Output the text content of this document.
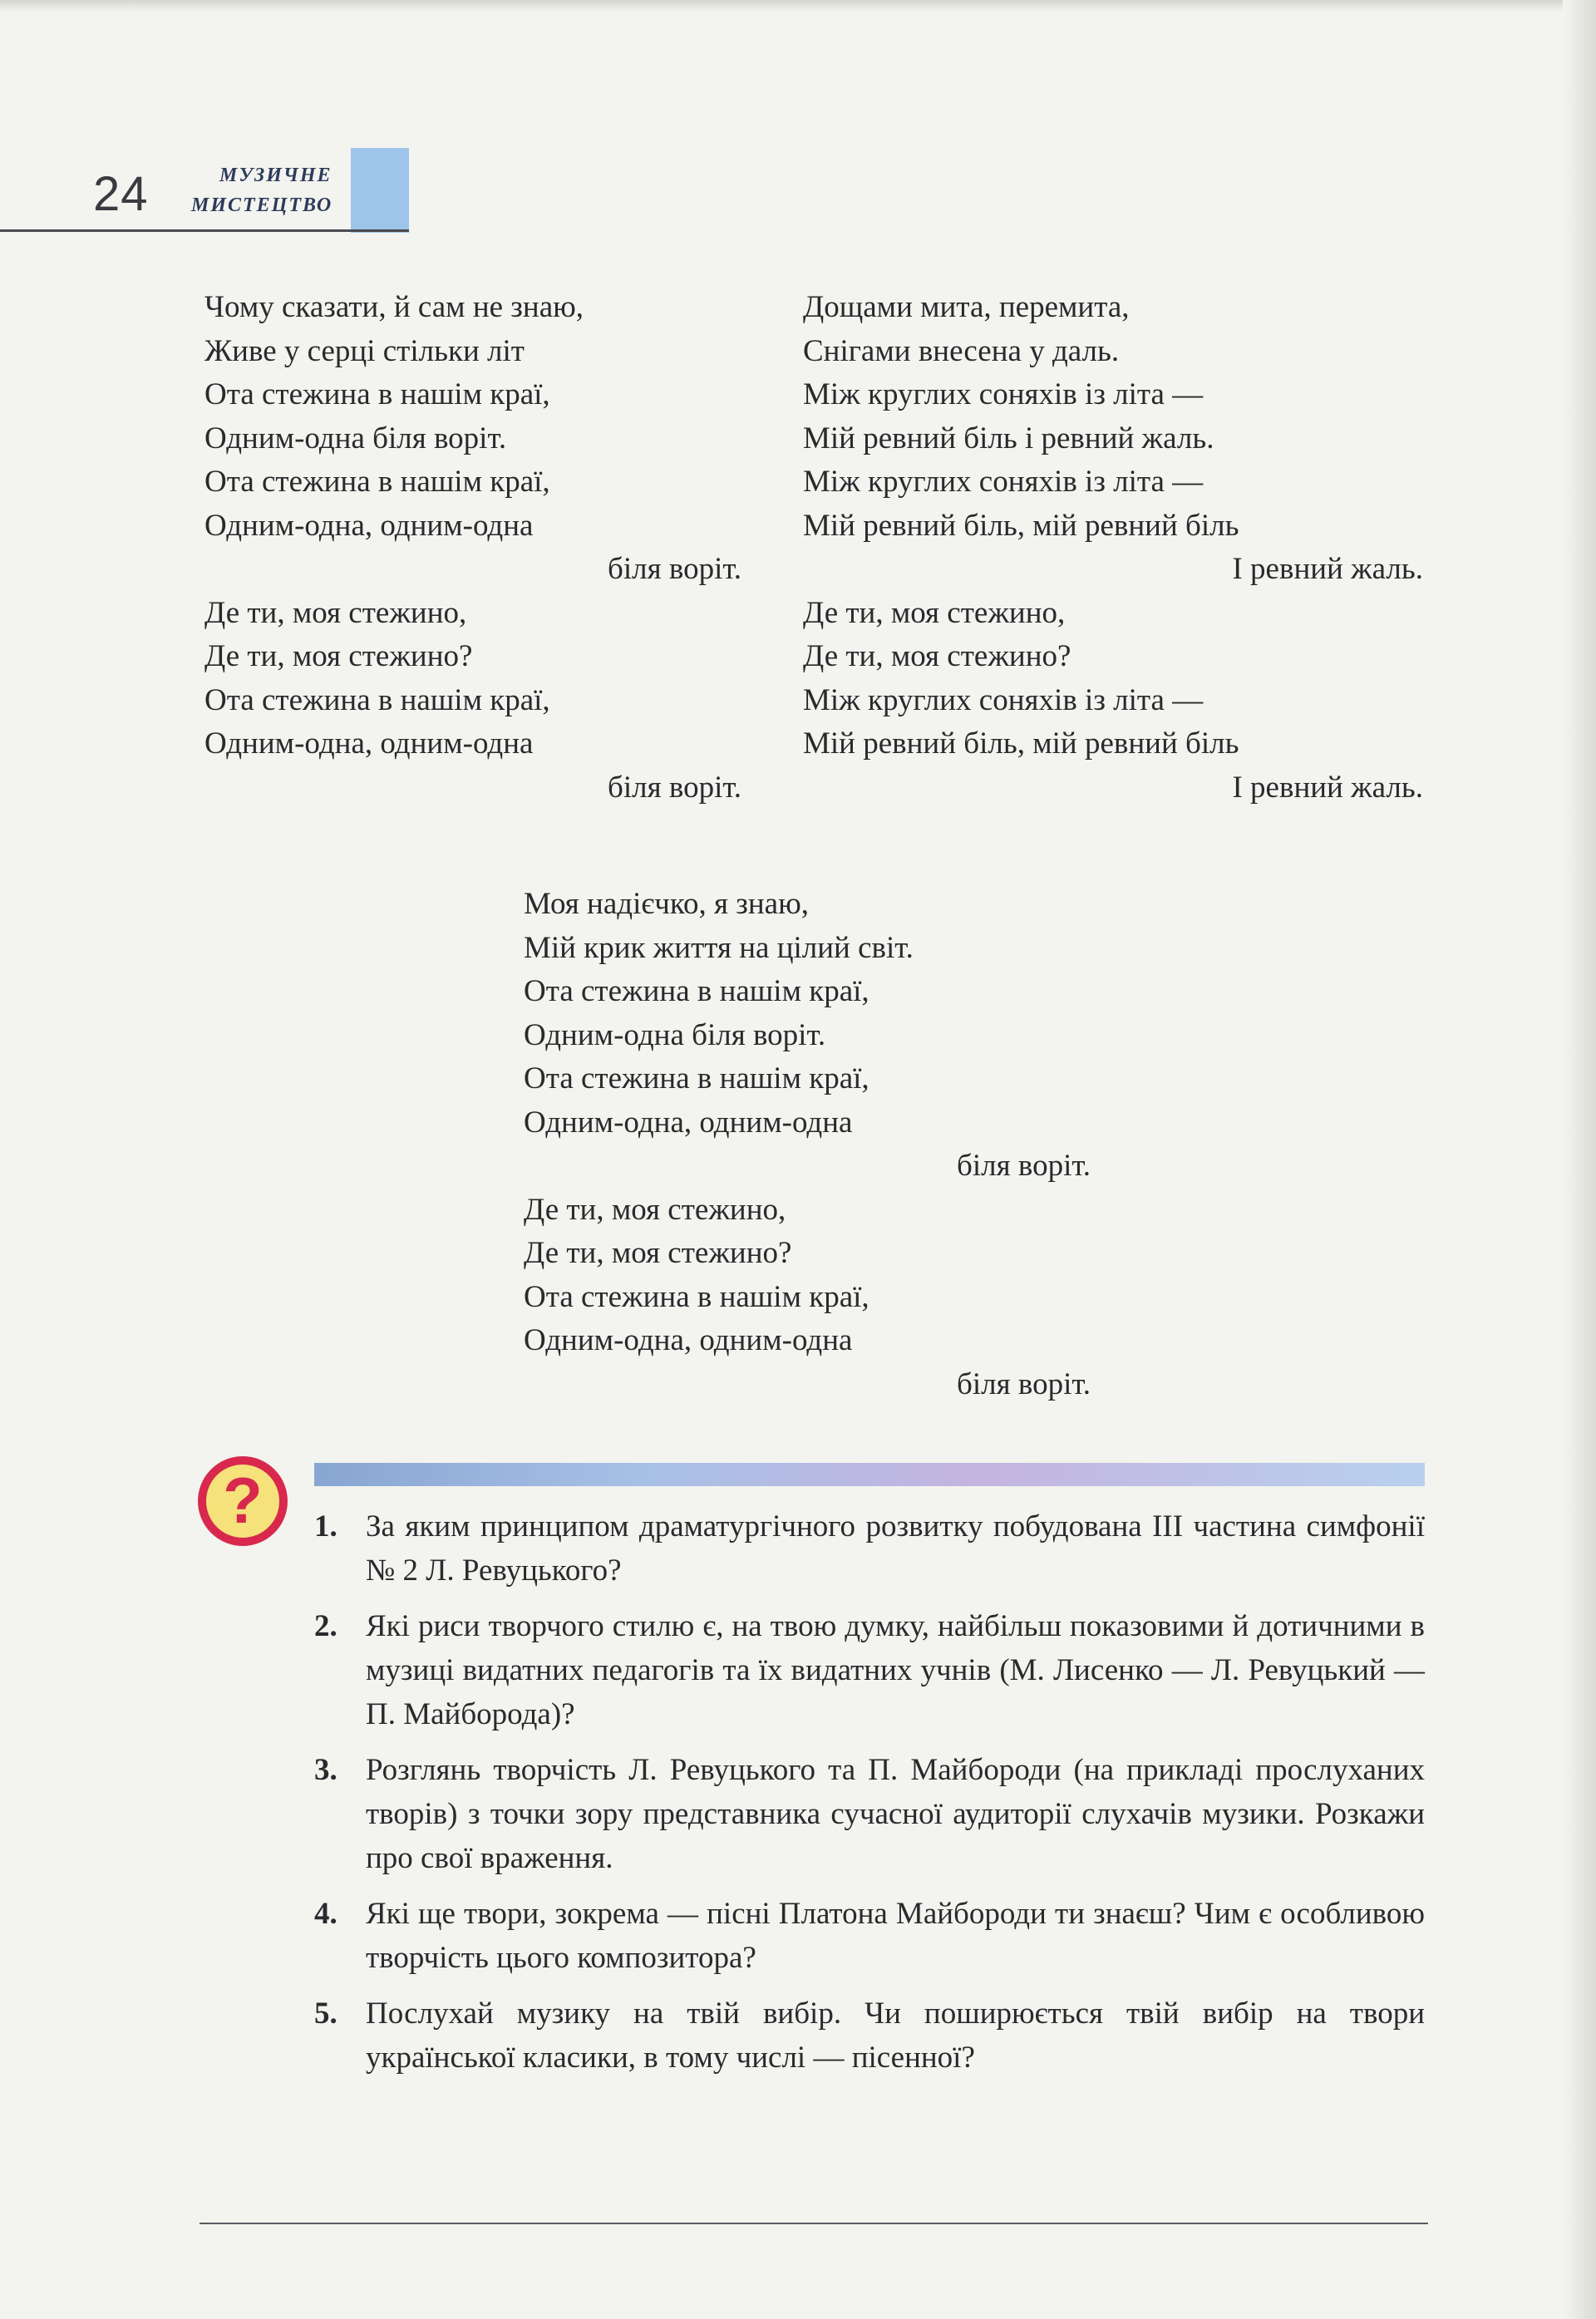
24	МУЗИЧНЕ
МИСТЕЦТВО
Чому сказати, й сам не знаю,
Живе у серці стільки літ
Ота стежина в нашім краї,
Одним-одна біля воріт.
Ота стежина в нашім краї,
Одним-одна, одним-одна
біля воріт.
Де ти, моя стежино,
Де ти, моя стежино?
Ота стежина в нашім краї,
Одним-одна, одним-одна
біля воріт.
Дощами мита, перемита,
Снігами внесена у даль.
Між круглих соняхів із літа —
Мій ревний біль і ревний жаль.
Між круглих соняхів із літа —
Мій ревний біль, мій ревний біль
І ревний жаль.
Де ти, моя стежино,
Де ти, моя стежино?
Між круглих соняхів із літа —
Мій ревний біль, мій ревний біль
І ревний жаль.
Моя надієчко, я знаю,
Мій крик життя на цілий світ.
Ота стежина в нашім краї,
Одним-одна біля воріт.
Ота стежина в нашім краї,
Одним-одна, одним-одна
біля воріт.
Де ти, моя стежино,
Де ти, моя стежино?
Ота стежина в нашім краї,
Одним-одна, одним-одна
біля воріт.
? 1. За яким принципом драматургічного розвитку побудована III частина симфонії № 2 Л. Ревуцького?
2. Які риси творчого стилю є, на твою думку, найбільш показовими й дотичними в музиці видатних педагогів та їх видатних учнів (М. Лисенко — Л. Ревуцький — П. Майборода)?
3. Розглянь творчість Л. Ревуцького та П. Майбороди (на прикладі прослуханих творів) з точки зору представника сучасної аудиторії слухачів музики. Розкажи про свої враження.
4. Які ще твори, зокрема — пісні Платона Майбороди ти знаєш? Чим є особливою творчість цього композитора?
5. Послухай музику на твій вибір. Чи поширюється твій вибір на твори української класики, в тому числі — пісенної?
